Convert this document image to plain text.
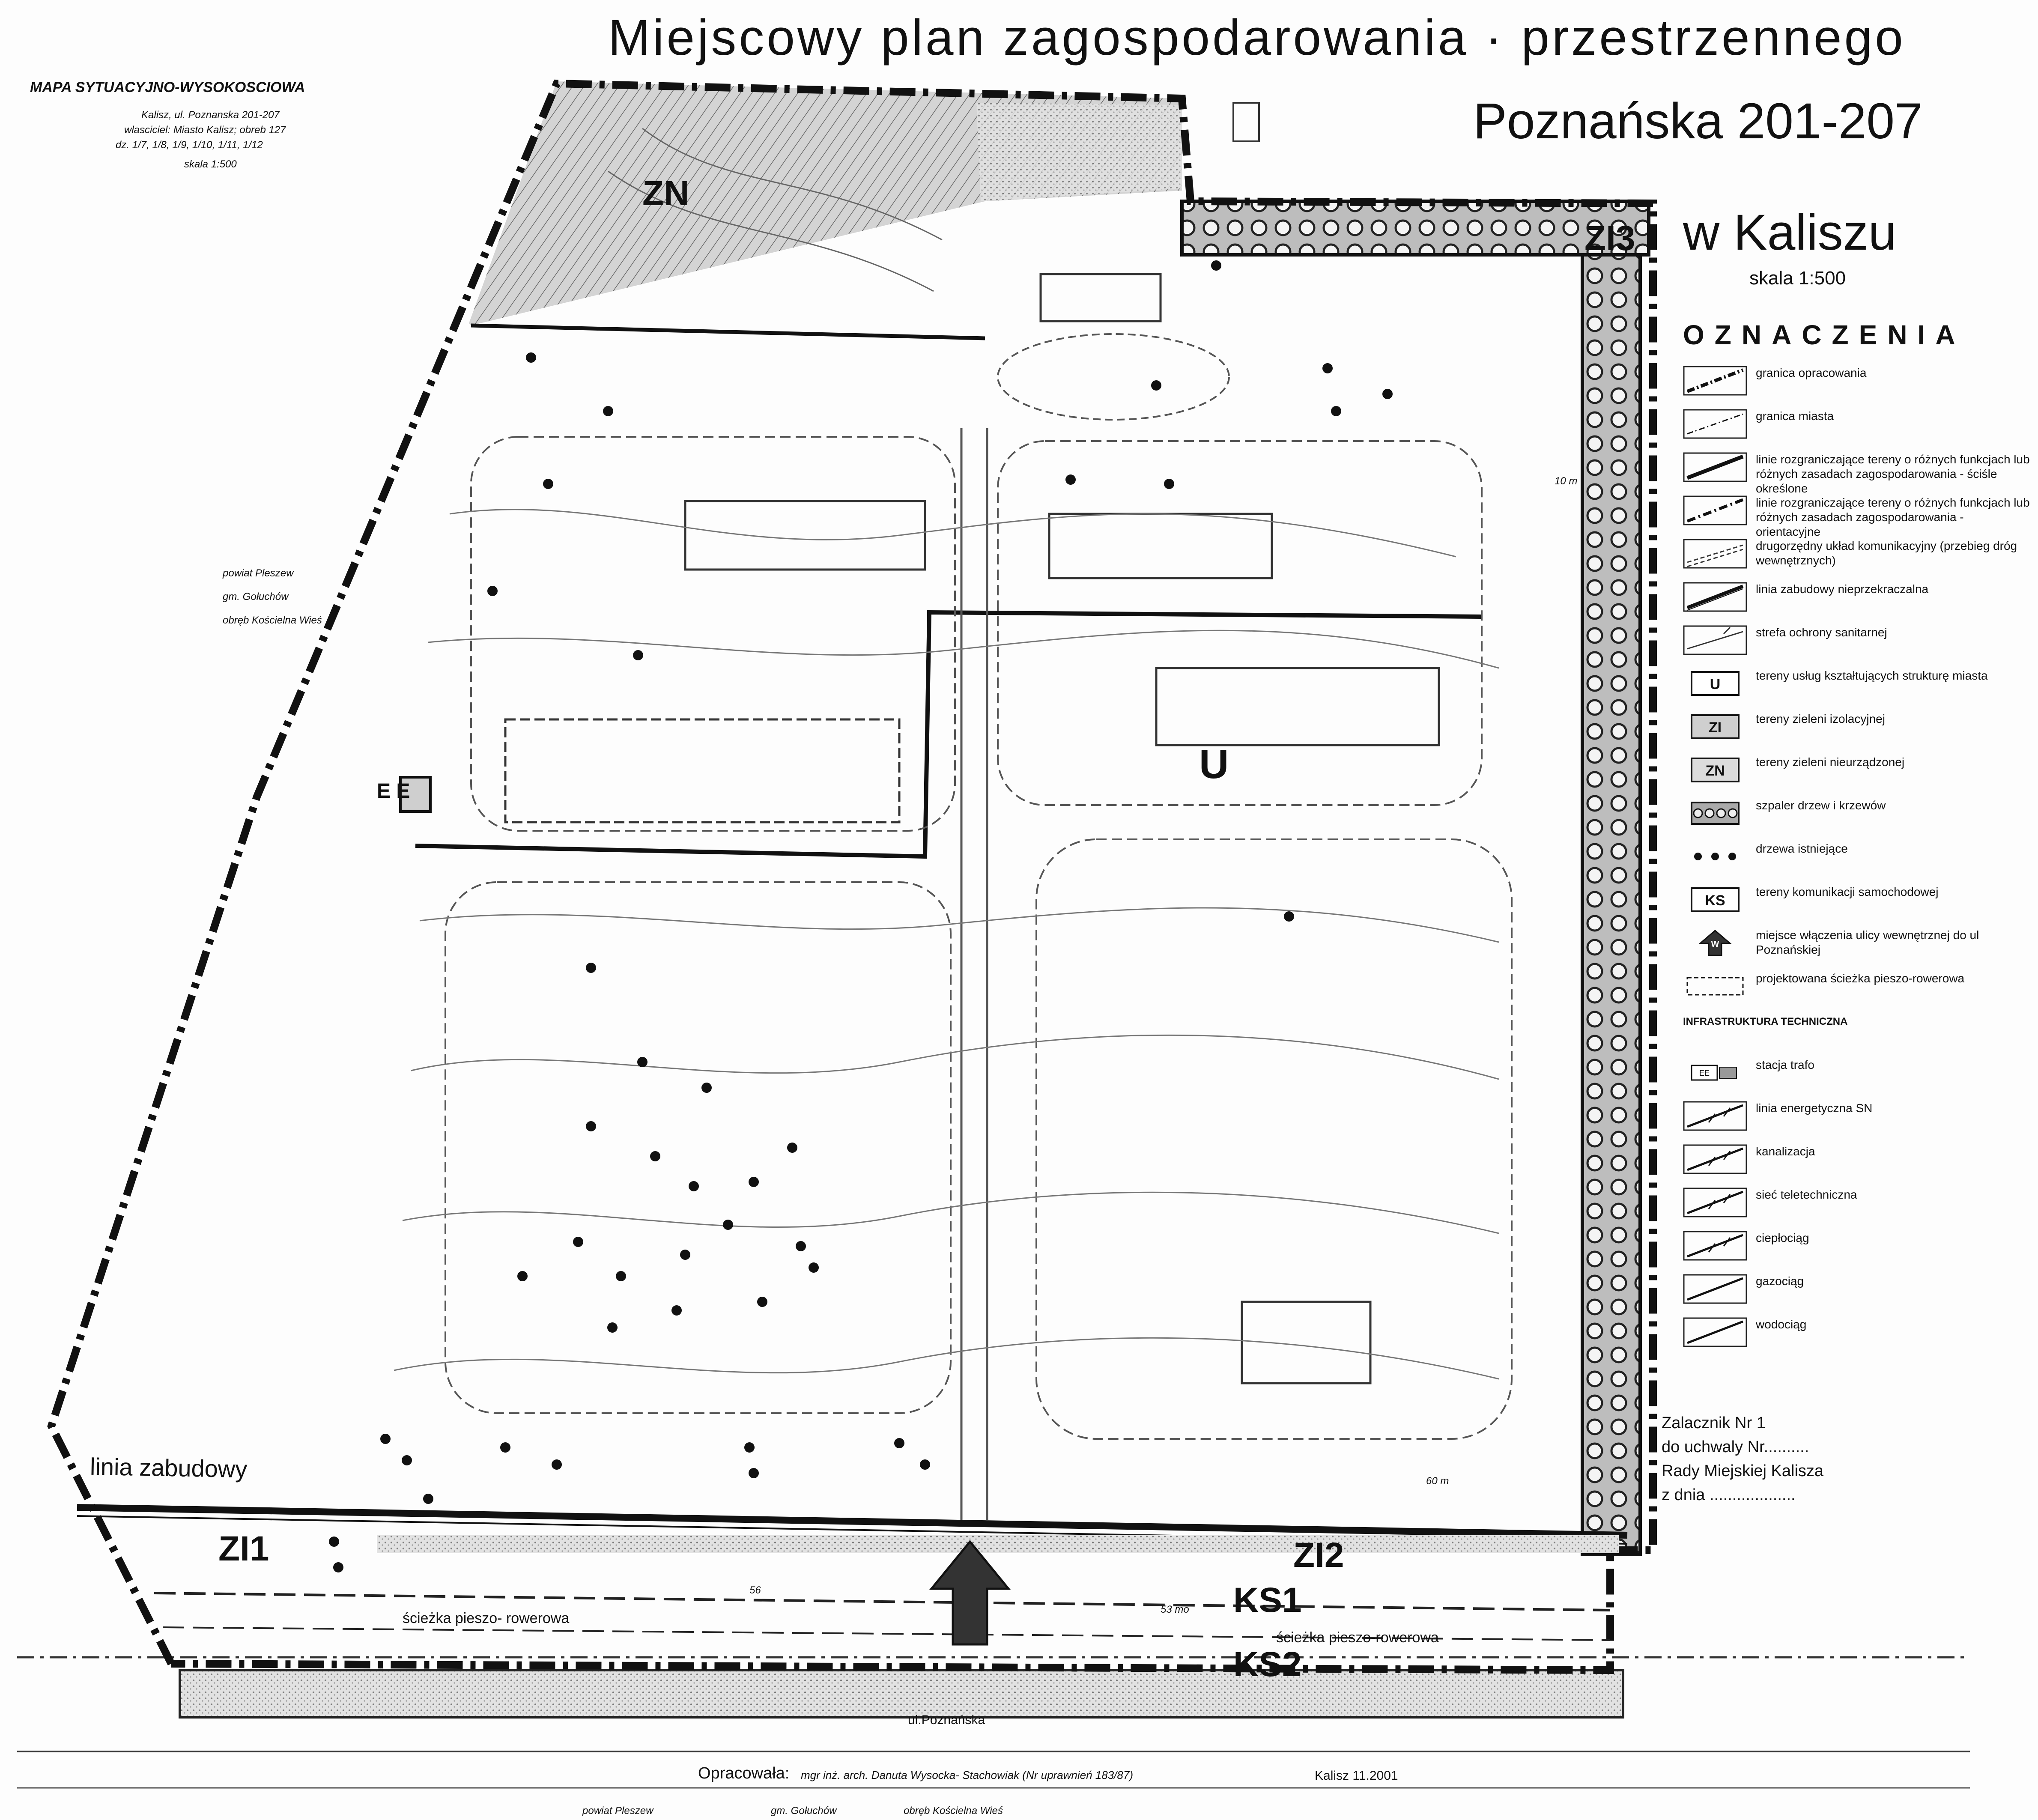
Miejscowy plan zagospodarowania · przestrzennego
Poznańska 201-207
w Kaliszu
skala 1:500
MAPA SYTUACYJNO-WYSOKOSCIOWA
Kalisz, ul. Poznanska 201-207
wlasciciel: Miasto Kalisz; obreb 127
dz. 1/7, 1/8, 1/9, 1/10, 1/11, 1/12
skala 1:500
ZN
U
ZI1	ZI2
ZI3
KS1
KS2
E E
linia zabudowy
ścieżka pieszo- rowerowa
ścieżka pieszo-rowerowa
ul.Poznańska
powiat Pleszew
gm. Gołuchów
obręb Kościelna Wieś
60 m
53 mo
56
10 m
OZNACZENIA
granica opracowania
granica miasta
linie rozgraniczające tereny o różnych funkcjach lub różnych zasadach zagospodarowania - ściśle określone
linie rozgraniczające tereny o różnych funkcjach lub różnych zasadach zagospodarowania - orientacyjne
drugorzędny układ komunikacyjny (przebieg dróg wewnętrznych)
linia zabudowy nieprzekraczalna
strefa ochrony sanitarnej
U
tereny usług kształtujących strukturę miasta
ZI
tereny zieleni izolacyjnej
ZN
tereny zieleni nieurządzonej
szpaler drzew i krzewów
drzewa istniejące
KS
tereny komunikacji samochodowej
W
miejsce włączenia ulicy wewnętrznej do ul Poznańskiej
projektowana ścieżka pieszo-rowerowa
INFRASTRUKTURA TECHNICZNA
EE
stacja trafo
linia energetyczna SN
kanalizacja
sieć teletechniczna
ciepłociąg
gazociąg
wodociąg
Zalacznik Nr 1
do uchwaly Nr..........
Rady Miejskiej Kalisza
z dnia ...................
Opracowała: mgr inż. arch. Danuta Wysocka- Stachowiak (Nr uprawnień 183/87)	Kalisz 11.2001
powiat Pleszew	gm. Gołuchów	obręb Kościelna Wieś
